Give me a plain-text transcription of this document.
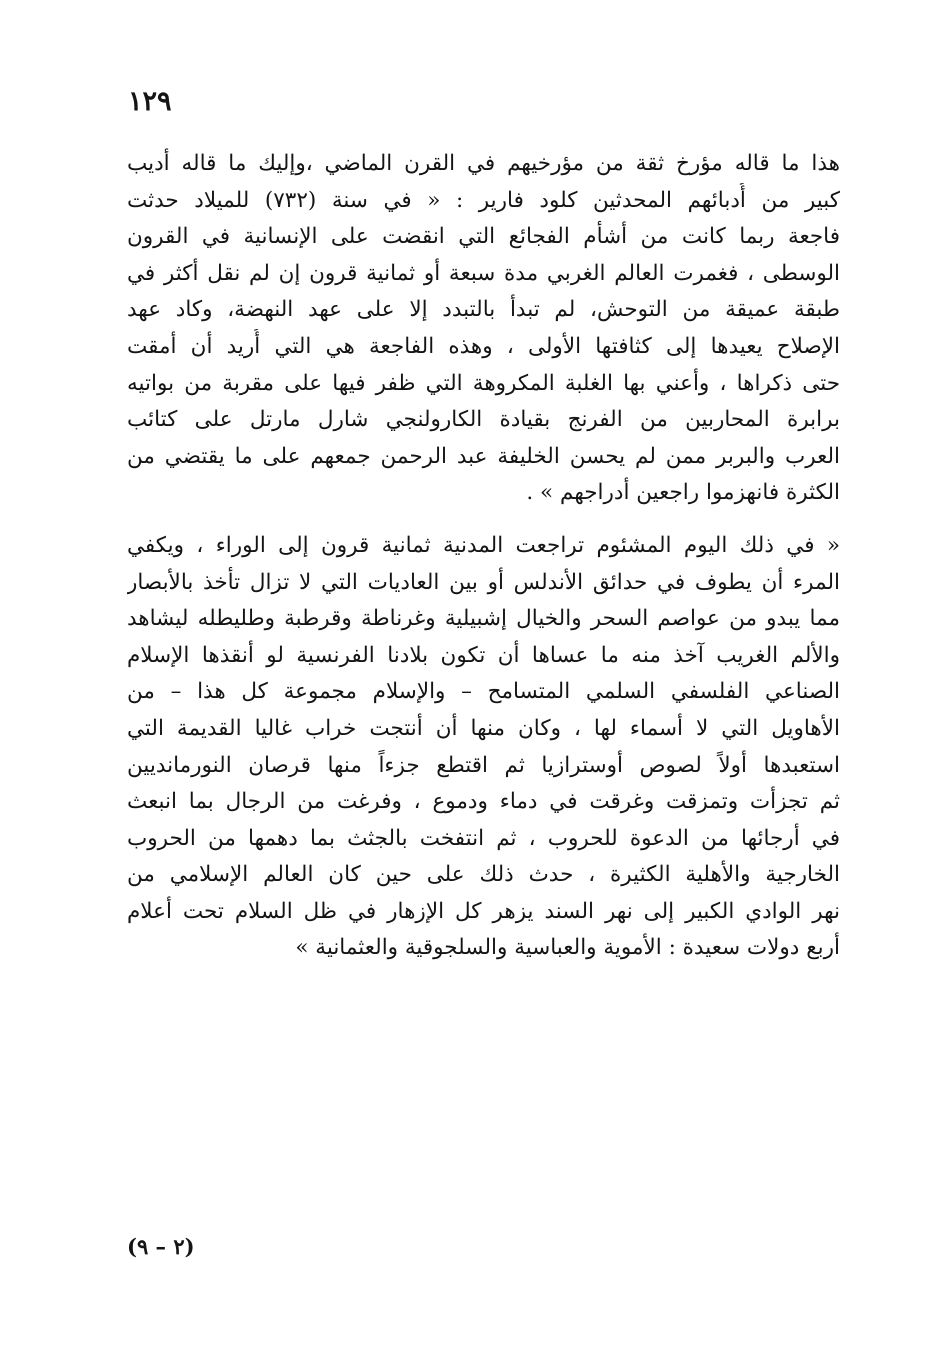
١٢٩
هذا ما قاله مؤرخ ثقة من مؤرخيهم في القرن الماضي ،وإليك ما قاله أديب
كبير من أُدبائهم المحدثين كلود فارير : « في سنة (٧٣٢) للميلاد حدثت
فاجعة ربما كانت من أشأم الفجائع التي انقضت على الإنسانية في القرون
الوسطى ، فغمرت العالم الغربي مدة سبعة أو ثمانية قرون إن لم نقل أكثر في
طبقة عميقة من التوحش، لم تبدأ بالتبدد إلا على عهد النهضة، وكاد عهد
الإصلاح يعيدها إلى كثافتها الأولى ، وهذه الفاجعة هي التي أُريد أن أمقت
حتى ذكراها ، وأعني بها الغلبة المكروهة التي ظفر فيها على مقربة من بواتيه
برابرة المحاربين من الفرنج بقيادة الكارولنجي شارل مارتل على كتائب
العرب والبربر ممن لم يحسن الخليفة عبد الرحمن جمعهم على ما يقتضي من
الكثرة فانهزموا راجعين أدراجهم » .
« في ذلك اليوم المشئوم تراجعت المدنية ثمانية قرون إلى الوراء ، ويكفي
المرء أن يطوف في حدائق الأندلس أو بين العاديات التي لا تزال تأخذ بالأبصار
مما يبدو من عواصم السحر والخيال إشبيلية وغرناطة وقرطبة وطليطله ليشاهد
والألم الغريب آخذ منه ما عساها أن تكون بلادنا الفرنسية لو أنقذها الإسلام
الصناعي الفلسفي السلمي المتسامح – والإسلام مجموعة كل هذا – من
الأهاويل التي لا أسماء لها ، وكان منها أن أنتجت خراب غاليا القديمة التي
استعبدها أولاً لصوص أوسترازيا ثم اقتطع جزءاً منها قرصان النورمانديين
ثم تجزأت وتمزقت وغرقت في دماء ودموع ، وفرغت من الرجال بما انبعث
في أرجائها من الدعوة للحروب ، ثم انتفخت بالجثث بما دهمها من الحروب
الخارجية والأهلية الكثيرة ، حدث ذلك على حين كان العالم الإسلامي من
نهر الوادي الكبير إلى نهر السند يزهر كل الإزهار في ظل السلام تحت أعلام
أربع دولات سعيدة : الأموية والعباسية والسلجوقية والعثمانية »
(٢ – ٩)
